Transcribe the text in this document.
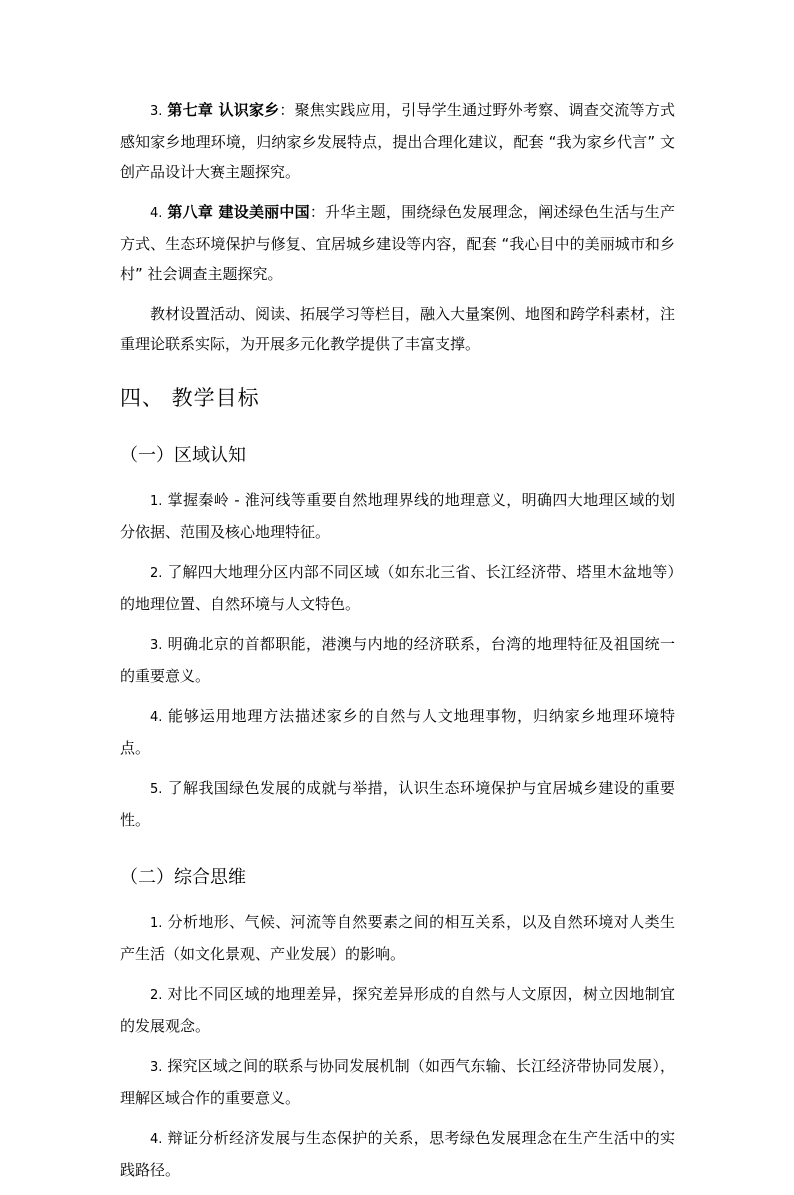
3. 第七章 认识家乡：聚焦实践应用，引导学生通过野外考察、调查交流等方式感知家乡地理环境，归纳家乡发展特点，提出合理化建议，配套 “我为家乡代言” 文创产品设计大赛主题探究。

4. 第八章 建设美丽中国：升华主题，围绕绿色发展理念，阐述绿色生活与生产方式、生态环境保护与修复、宜居城乡建设等内容，配套 “我心目中的美丽城市和乡村” 社会调查主题探究。

教材设置活动、阅读、拓展学习等栏目，融入大量案例、地图和跨学科素材，注重理论联系实际，为开展多元化教学提供了丰富支撑。

四、 教学目标
（一）区域认知

1. 掌握秦岭 - 淮河线等重要自然地理界线的地理意义，明确四大地理区域的划分依据、范围及核心地理特征。

2. 了解四大地理分区内部不同区域（如东北三省、长江经济带、塔里木盆地等）的地理位置、自然环境与人文特色。

3. 明确北京的首都职能，港澳与内地的经济联系，台湾的地理特征及祖国统一的重要意义。

4. 能够运用地理方法描述家乡的自然与人文地理事物，归纳家乡地理环境特点。

5. 了解我国绿色发展的成就与举措，认识生态环境保护与宜居城乡建设的重要性。

（二）综合思维

1. 分析地形、气候、河流等自然要素之间的相互关系，以及自然环境对人类生产生活（如文化景观、产业发展）的影响。

2. 对比不同区域的地理差异，探究差异形成的自然与人文原因，树立因地制宜的发展观念。

3. 探究区域之间的联系与协同发展机制（如西气东输、长江经济带协同发展），理解区域合作的重要意义。

4. 辩证分析经济发展与生态保护的关系，思考绿色发展理念在生产生活中的实践路径。
